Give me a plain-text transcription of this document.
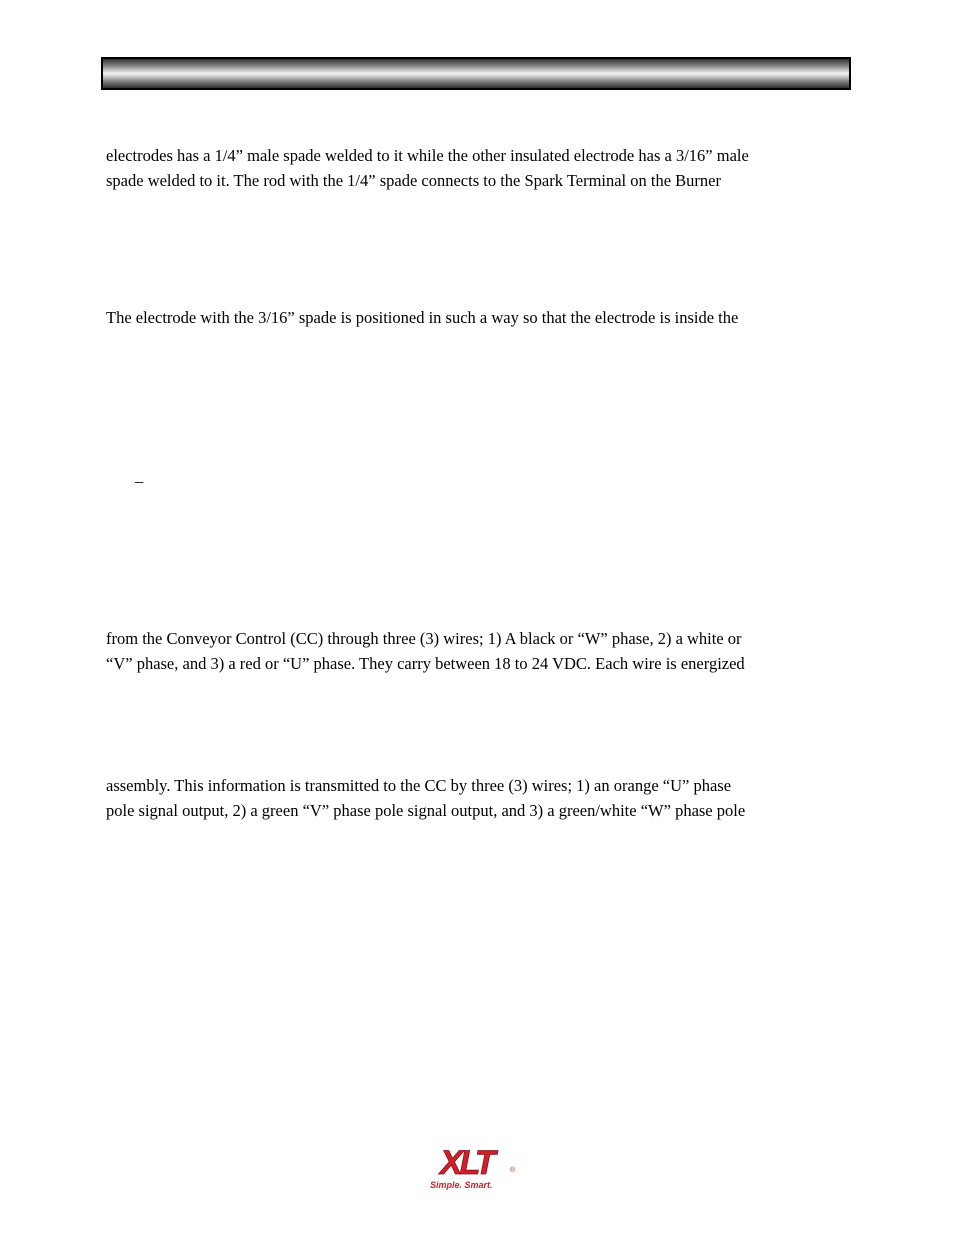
electrodes has a 1/4” male spade welded to it while the other insulated electrode has a 3/16” male
spade welded to it. The rod with the 1/4” spade connects to the Spark Terminal on the Burner
The electrode with the 3/16” spade is positioned in such a way so that the electrode is inside the
_
from the Conveyor Control (CC) through three (3) wires; 1) A black or “W” phase, 2) a white or
“V” phase, and 3) a red or “U” phase. They carry between 18 to 24 VDC. Each wire is energized
assembly. This information is transmitted to the CC by three (3) wires; 1) an orange “U” phase
pole signal output, 2) a green “V” phase pole signal output, and 3) a green/white “W” phase pole
XLT	®
Simple. Smart.
